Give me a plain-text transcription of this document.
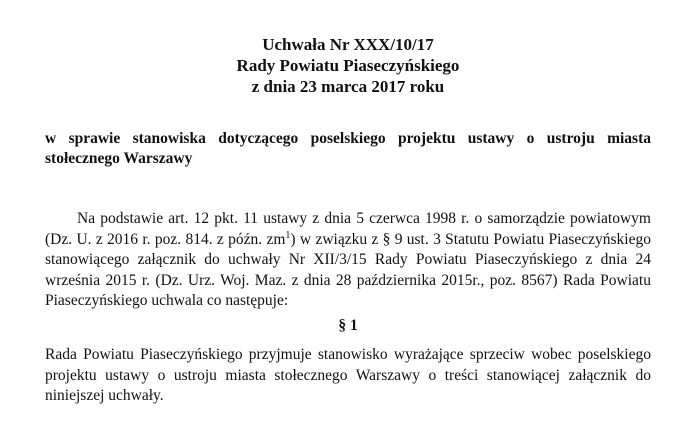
Uchwała Nr XXX/10/17
Rady Powiatu Piaseczyńskiego
z dnia 23 marca 2017 roku
w sprawie stanowiska dotyczącego poselskiego projektu ustawy o ustroju miasta stołecznego Warszawy
Na podstawie art. 12 pkt. 11 ustawy z dnia 5 czerwca 1998 r. o samorządzie powiatowym (Dz. U. z 2016 r. poz. 814. z późn. $zm^1$) w związku z § 9 ust. 3 Statutu Powiatu Piaseczyńskiego stanowiącego załącznik do uchwały Nr XII/3/15 Rady Powiatu Piaseczyńskiego z dnia 24 września 2015 r. (Dz. Urz. Woj. Maz. z dnia 28 października 2015r., poz. 8567) Rada Powiatu Piaseczyńskiego uchwala co następuje:
§ 1
Rada Powiatu Piaseczyńskiego przyjmuje stanowisko wyrażające sprzeciw wobec poselskiego projektu ustawy o ustroju miasta stołecznego Warszawy o treści stanowiącej załącznik do niniejszej uchwały.
